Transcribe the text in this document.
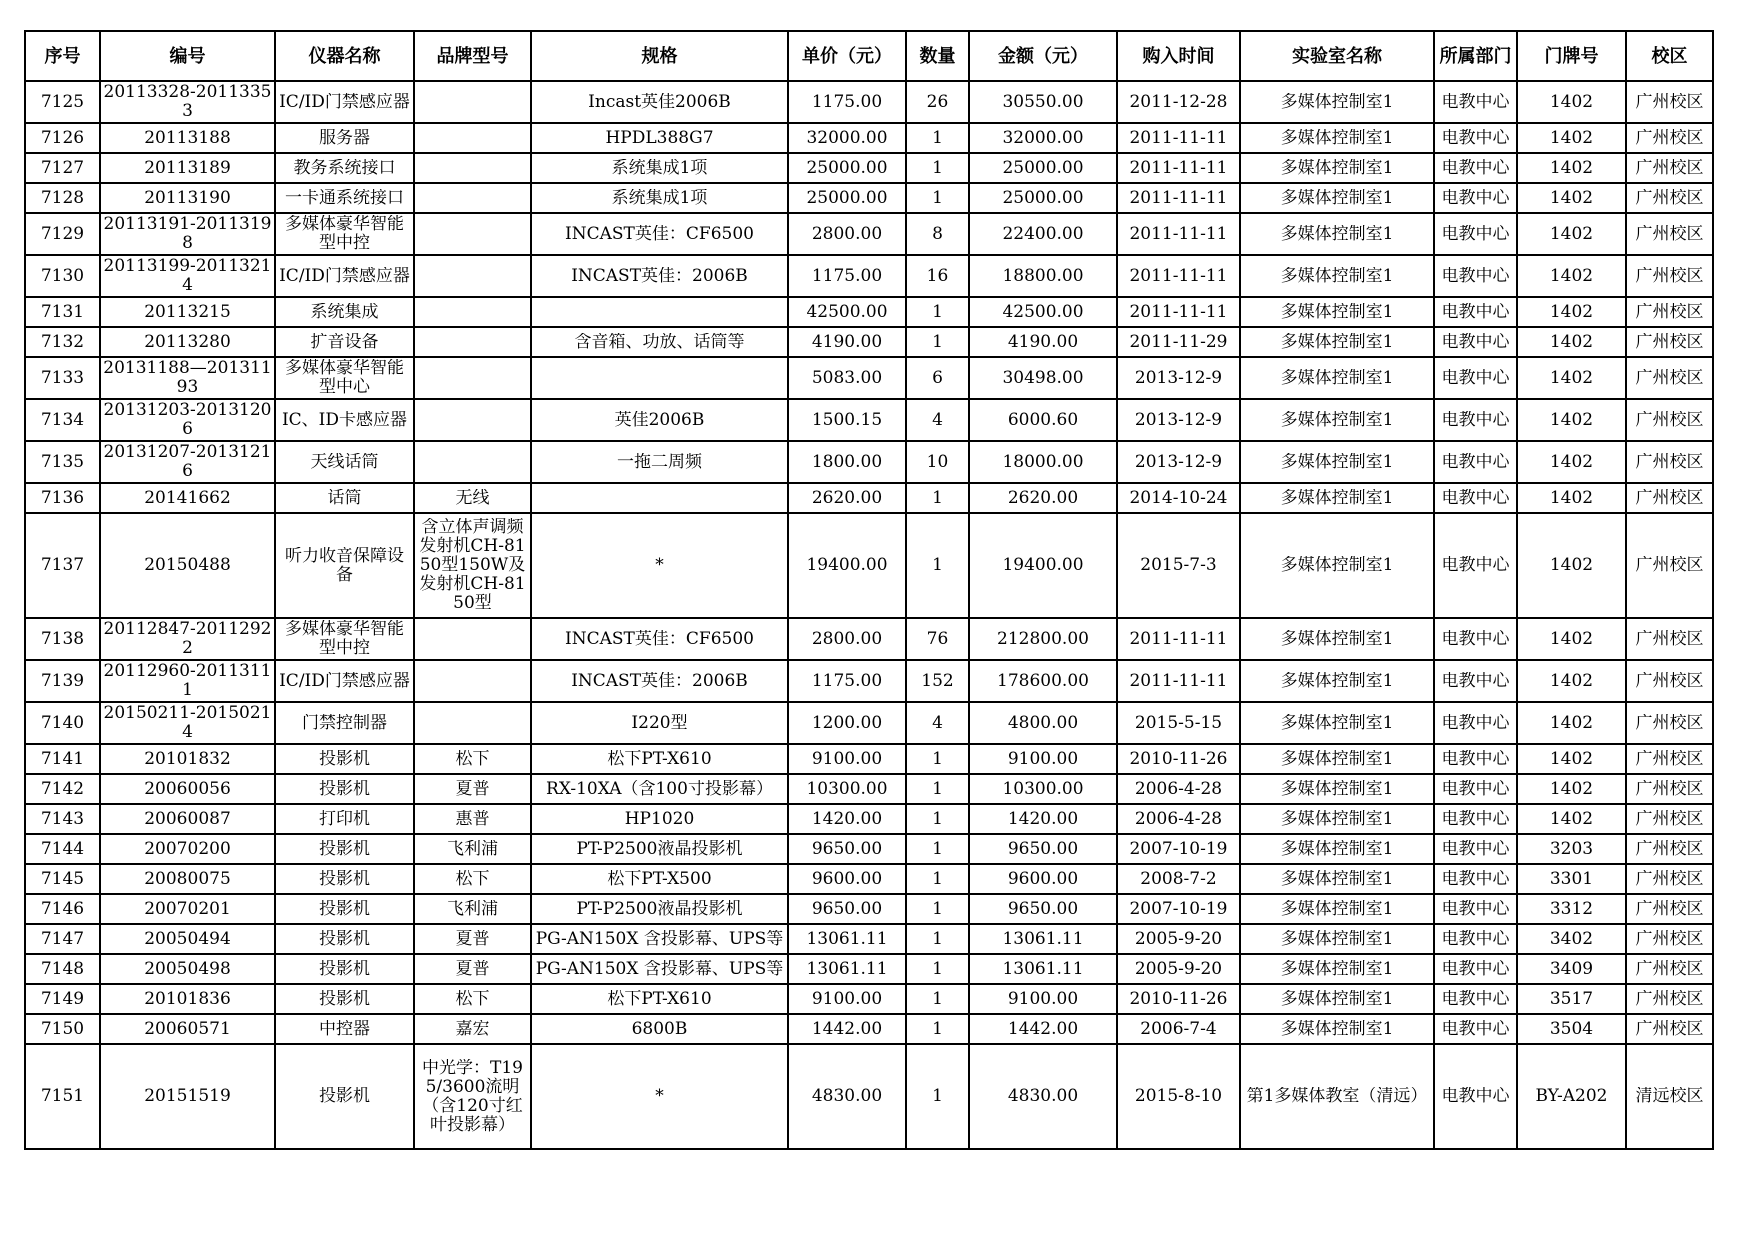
序号	编号	仪器名称	品牌型号	规格	单价（元）	数量	金额（元）	购入时间	实验室名称	所属部门	门牌号	校区

7125	20113328-20113353	IC/ID门禁感应器		Incast英佳2006B	1175.00	26	30550.00	2011-12-28	多媒体控制室1	电教中心	1402	广州校区

7126	20113188	服务器		HPDL388G7	32000.00	1	32000.00	2011-11-11	多媒体控制室1	电教中心	1402	广州校区

7127	20113189	教务系统接口		系统集成1项	25000.00	1	25000.00	2011-11-11	多媒体控制室1	电教中心	1402	广州校区

7128	20113190	一卡通系统接口		系统集成1项	25000.00	1	25000.00	2011-11-11	多媒体控制室1	电教中心	1402	广州校区

7129	20113191-20113198	多媒体豪华智能型中控		INCAST英佳：CF6500	2800.00	8	22400.00	2011-11-11	多媒体控制室1	电教中心	1402	广州校区

7130	20113199-20113214	IC/ID门禁感应器		INCAST英佳：2006B	1175.00	16	18800.00	2011-11-11	多媒体控制室1	电教中心	1402	广州校区

7131	20113215	系统集成			42500.00	1	42500.00	2011-11-11	多媒体控制室1	电教中心	1402	广州校区

7132	20113280	扩音设备		含音箱、功放、话筒等	4190.00	1	4190.00	2011-11-29	多媒体控制室1	电教中心	1402	广州校区

7133	20131188—20131193	多媒体豪华智能型中心			5083.00	6	30498.00	2013-12-9	多媒体控制室1	电教中心	1402	广州校区

7134	20131203-20131206	IC、ID卡感应器		英佳2006B	1500.15	4	6000.60	2013-12-9	多媒体控制室1	电教中心	1402	广州校区

7135	20131207-20131216	天线话筒		一拖二周频	1800.00	10	18000.00	2013-12-9	多媒体控制室1	电教中心	1402	广州校区

7136	20141662	话筒	无线		2620.00	1	2620.00	2014-10-24	多媒体控制室1	电教中心	1402	广州校区

7137	20150488	听力收音保障设备	含立体声调频发射机CH-8150型150W及发射机CH-8150型	*	19400.00	1	19400.00	2015-7-3	多媒体控制室1	电教中心	1402	广州校区

7138	20112847-20112922	多媒体豪华智能型中控		INCAST英佳：CF6500	2800.00	76	212800.00	2011-11-11	多媒体控制室1	电教中心	1402	广州校区

7139	20112960-20113111	IC/ID门禁感应器		INCAST英佳：2006B	1175.00	152	178600.00	2011-11-11	多媒体控制室1	电教中心	1402	广州校区

7140	20150211-20150214	门禁控制器		I220型	1200.00	4	4800.00	2015-5-15	多媒体控制室1	电教中心	1402	广州校区

7141	20101832	投影机	松下	松下PT-X610	9100.00	1	9100.00	2010-11-26	多媒体控制室1	电教中心	1402	广州校区

7142	20060056	投影机	夏普	RX-10XA（含100寸投影幕）	10300.00	1	10300.00	2006-4-28	多媒体控制室1	电教中心	1402	广州校区

7143	20060087	打印机	惠普	HP1020	1420.00	1	1420.00	2006-4-28	多媒体控制室1	电教中心	1402	广州校区

7144	20070200	投影机	飞利浦	PT-P2500液晶投影机	9650.00	1	9650.00	2007-10-19	多媒体控制室1	电教中心	3203	广州校区

7145	20080075	投影机	松下	松下PT-X500	9600.00	1	9600.00	2008-7-2	多媒体控制室1	电教中心	3301	广州校区

7146	20070201	投影机	飞利浦	PT-P2500液晶投影机	9650.00	1	9650.00	2007-10-19	多媒体控制室1	电教中心	3312	广州校区

7147	20050494	投影机	夏普	PG-AN150X 含投影幕、UPS等	13061.11	1	13061.11	2005-9-20	多媒体控制室1	电教中心	3402	广州校区

7148	20050498	投影机	夏普	PG-AN150X 含投影幕、UPS等	13061.11	1	13061.11	2005-9-20	多媒体控制室1	电教中心	3409	广州校区

7149	20101836	投影机	松下	松下PT-X610	9100.00	1	9100.00	2010-11-26	多媒体控制室1	电教中心	3517	广州校区

7150	20060571	中控器	嘉宏	6800B	1442.00	1	1442.00	2006-7-4	多媒体控制室1	电教中心	3504	广州校区

7151	20151519	投影机	中光学：T195/3600流明（含120寸红叶投影幕）	*	4830.00	1	4830.00	2015-8-10	第1多媒体教室（清远）	电教中心	BY-A202	清远校区
